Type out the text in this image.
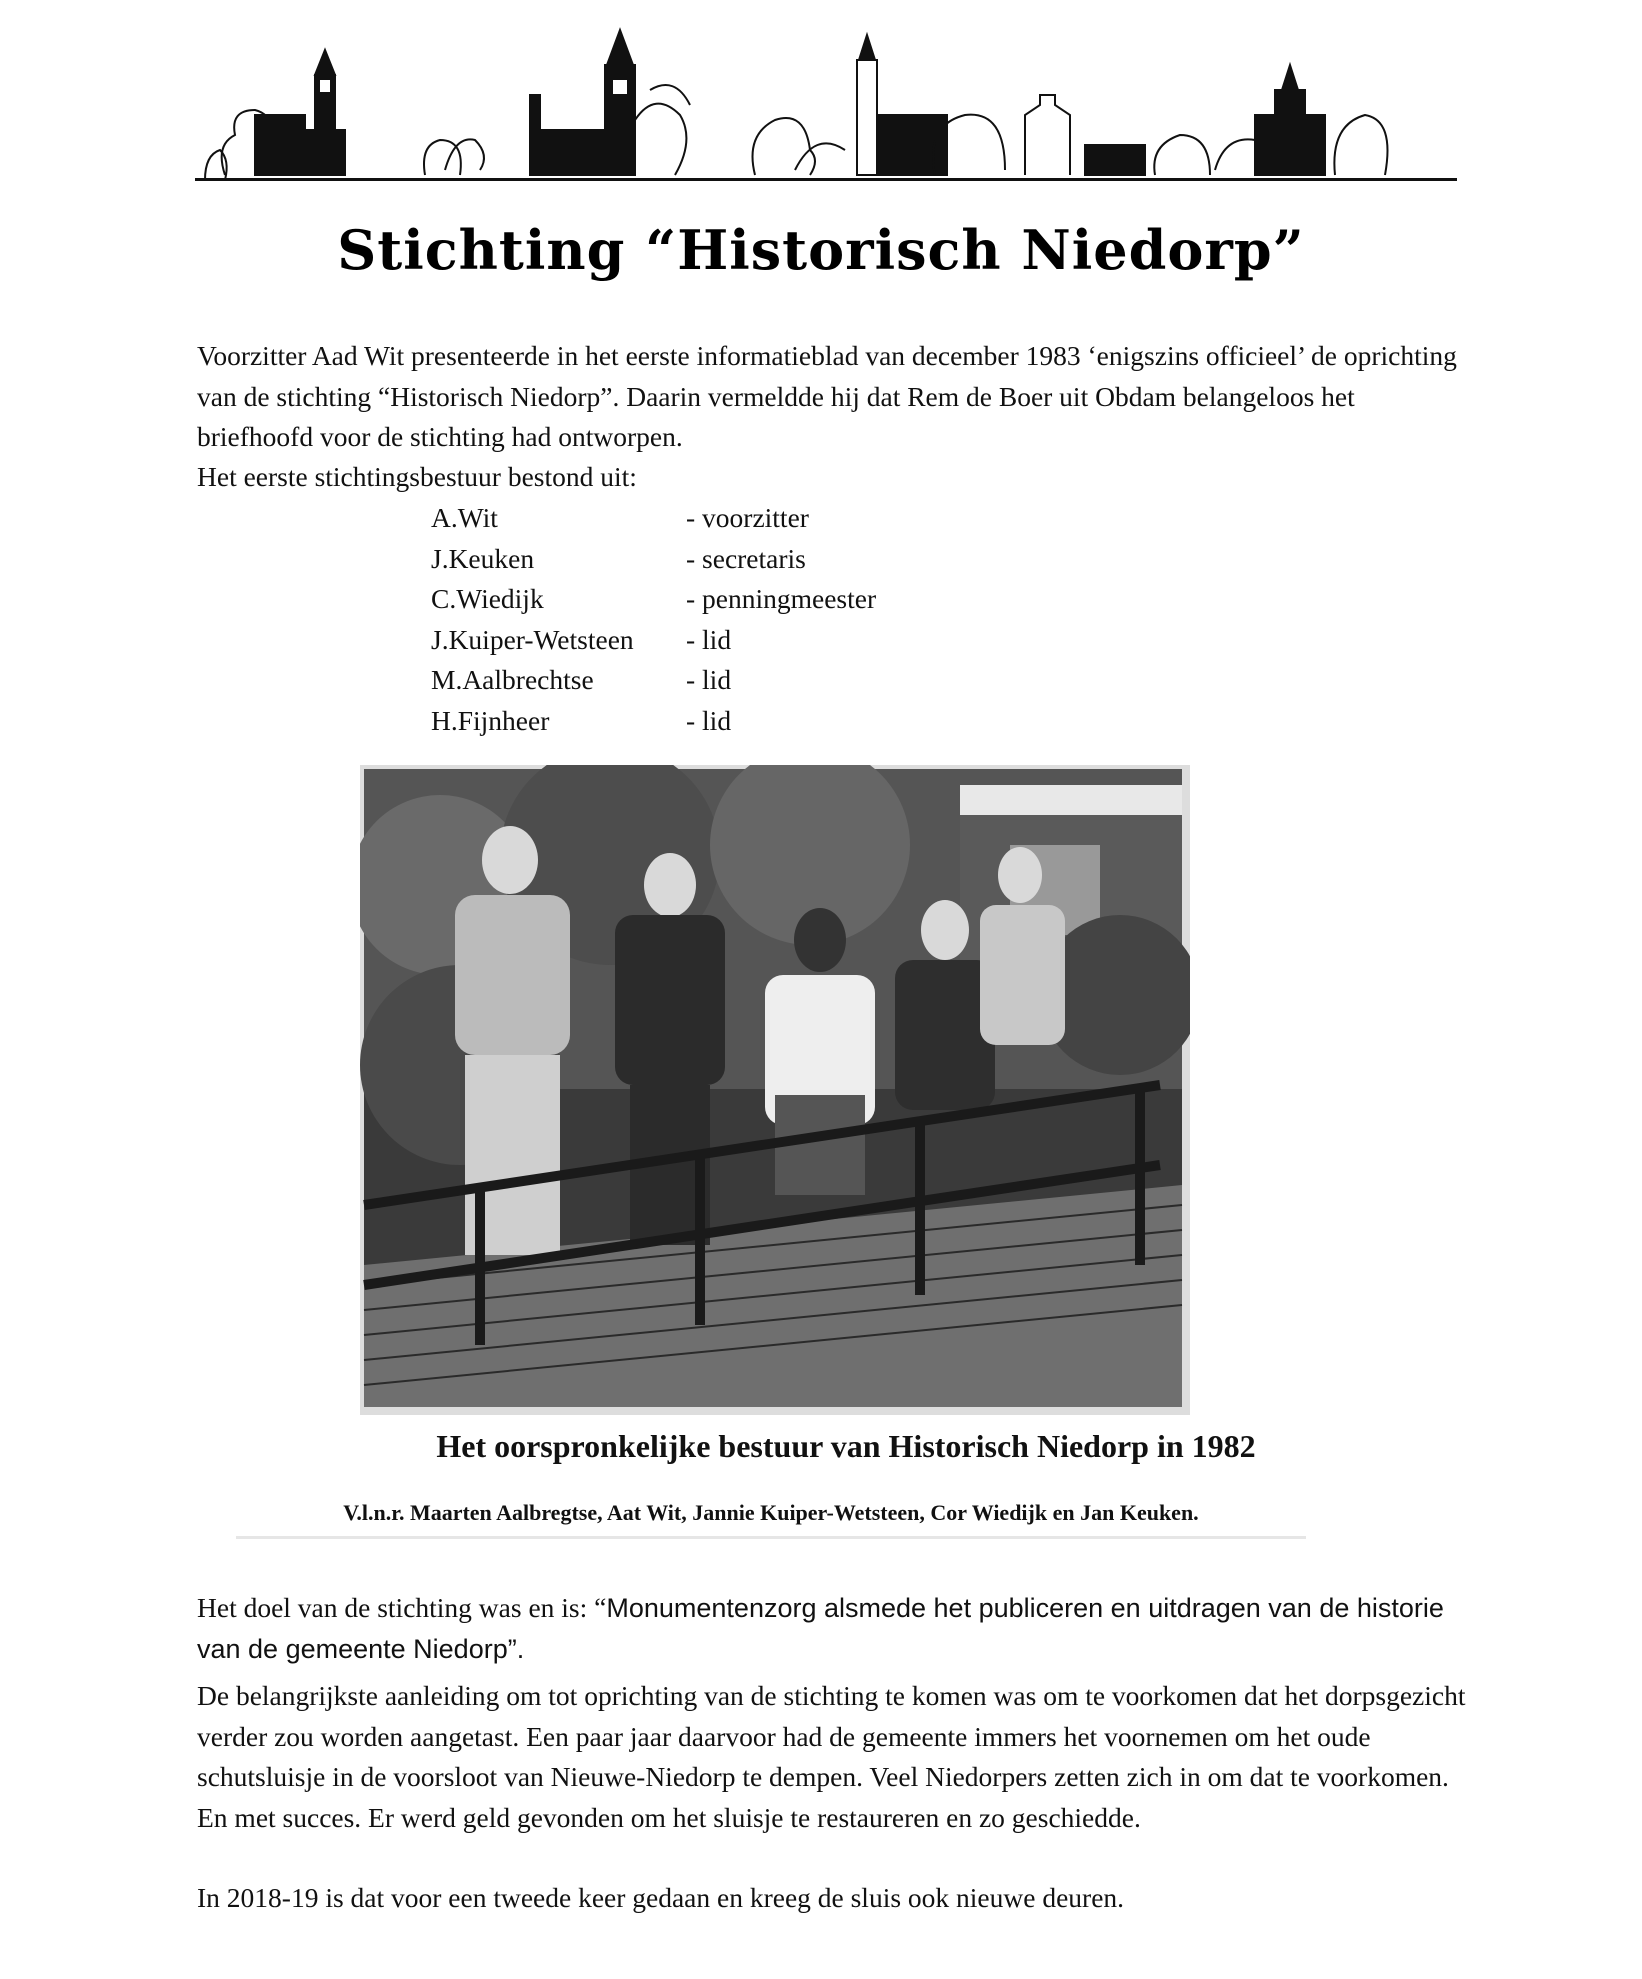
Stichting “Historisch Niedorp”

Voorzitter Aad Wit presenteerde in het eerste informatieblad van december 1983 ‘enigszins officieel’ de oprichting van de stichting “Historisch Niedorp”. Daarin vermeldde hij dat Rem de Boer uit Obdam belangeloos het briefhoofd voor de stichting had ontworpen.

Het eerste stichtingsbestuur bestond uit:

A.Wit	- voorzitter
J.Keuken	- secretaris
C.Wiedijk	- penningmeester
J.Kuiper-Wetsteen	- lid
M.Aalbrechtse	- lid
H.Fijnheer	- lid
Het oorspronkelijke bestuur van Historisch Niedorp in 1982
V.l.n.r. Maarten Aalbregtse, Aat Wit, Jannie Kuiper-Wetsteen, Cor Wiedijk en Jan Keuken.

Het doel van de stichting was en is: “Monumentenzorg alsmede het publiceren en uitdragen van de historie van de gemeente Niedorp”.

De belangrijkste aanleiding om tot oprichting van de stichting te komen was om te voorkomen dat het dorpsgezicht verder zou worden aangetast. Een paar jaar daarvoor had de gemeente immers het voornemen om het oude schutsluisje in de voorsloot van Nieuwe-Niedorp te dempen. Veel Niedorpers zetten zich in om dat te voorkomen. En met succes. Er werd geld gevonden om het sluisje te restaureren en zo geschiedde.

In 2018-19 is dat voor een tweede keer gedaan en kreeg de sluis ook nieuwe deuren.
